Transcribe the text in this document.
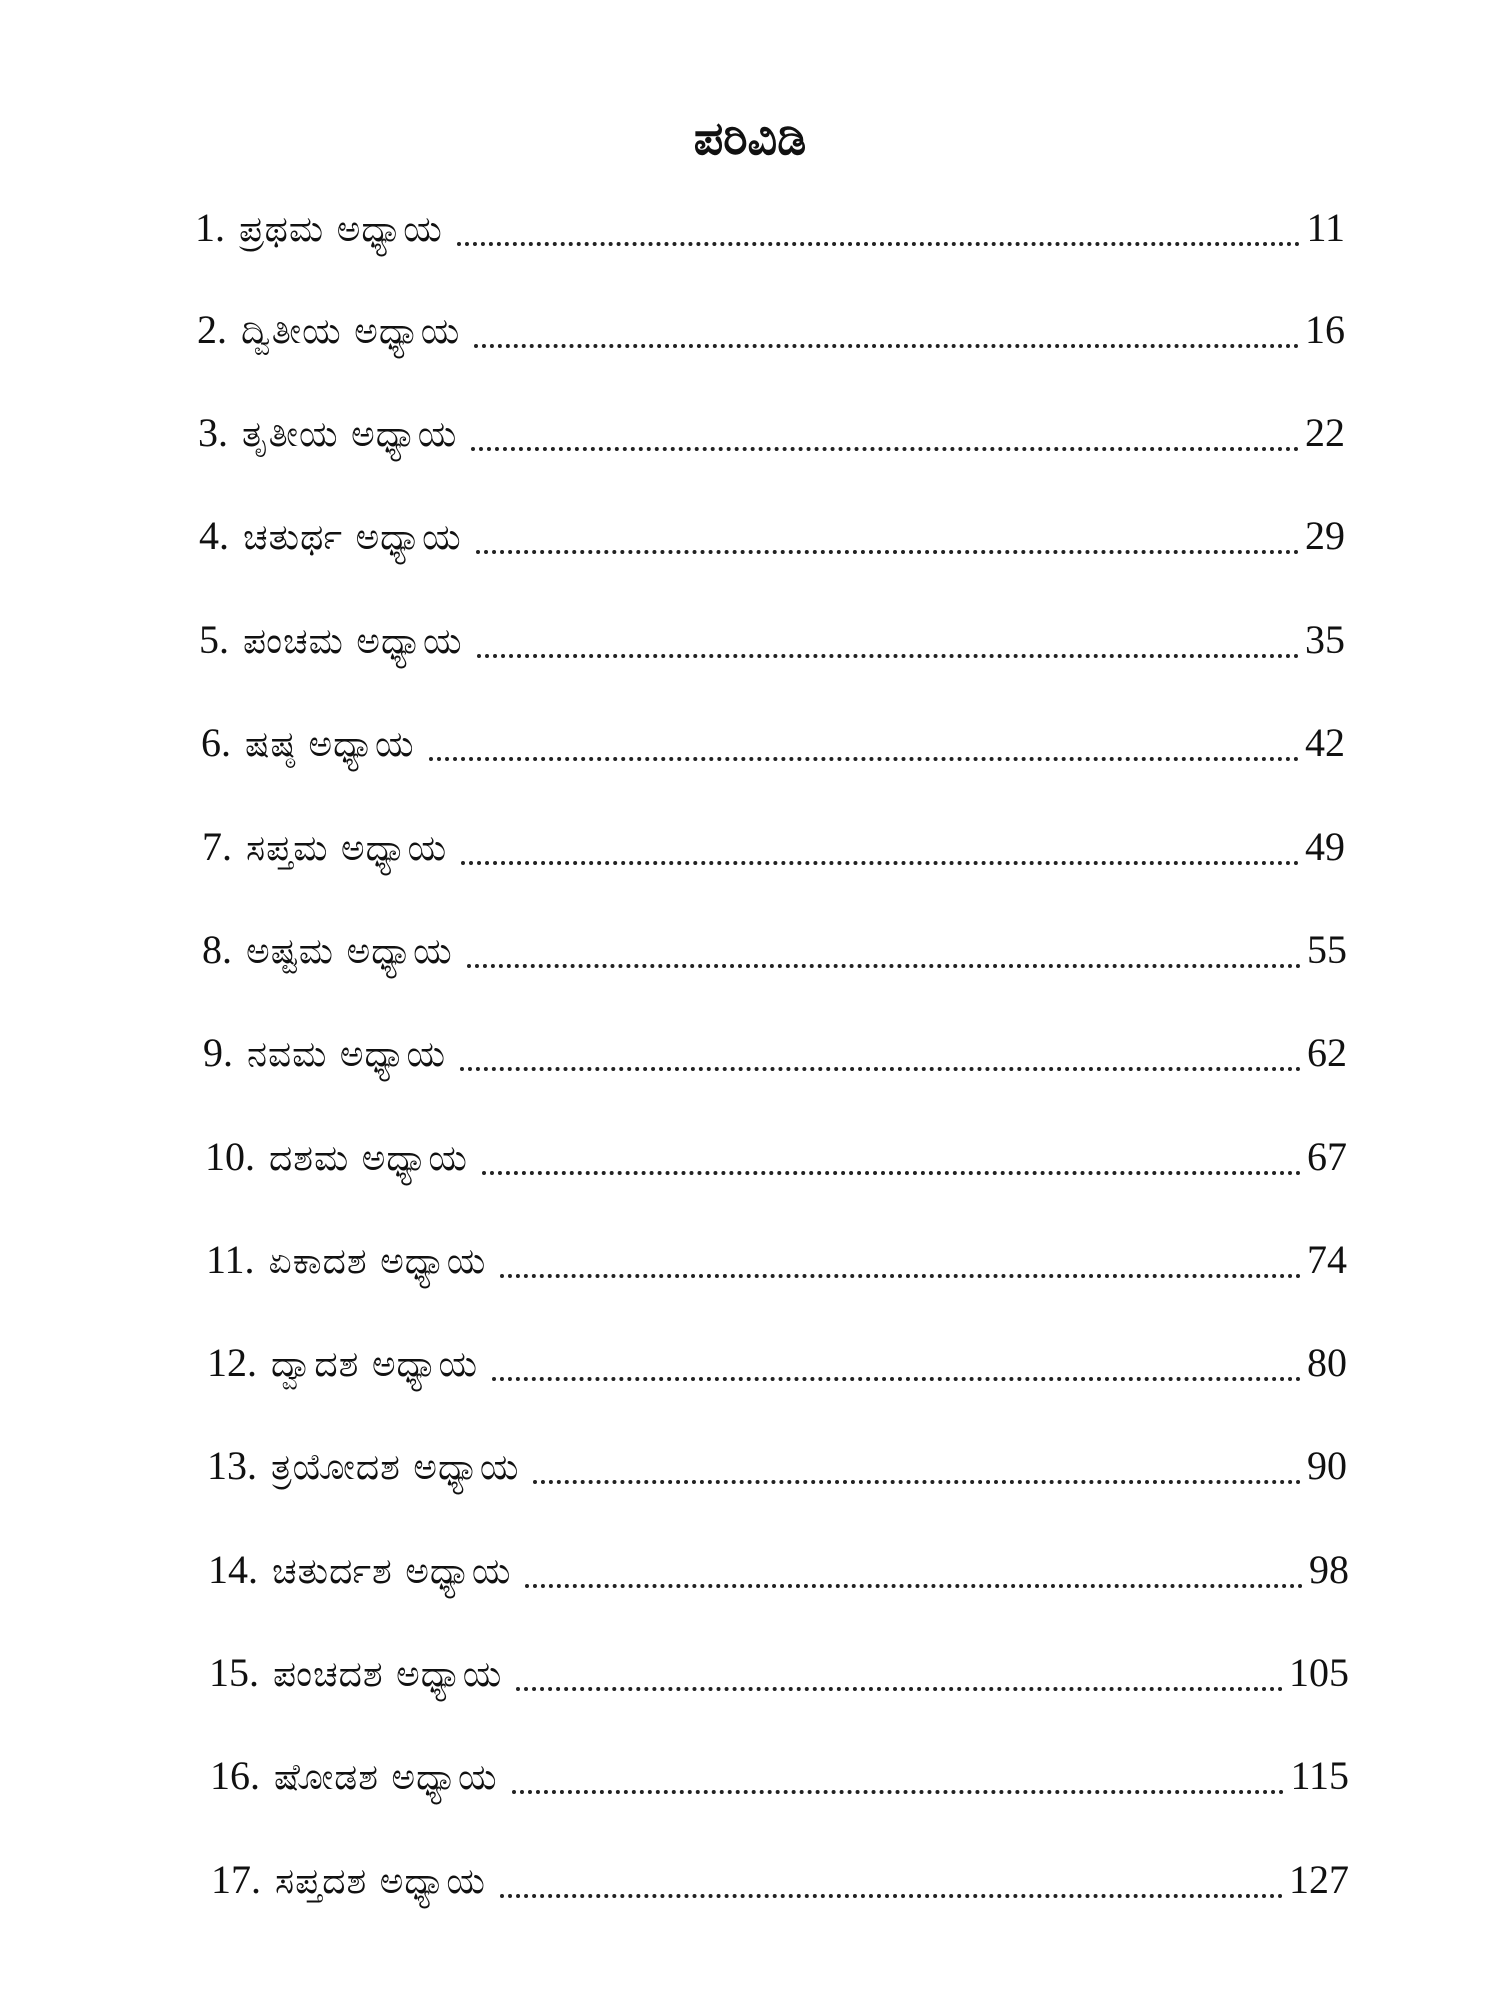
ಪರಿವಿಡಿ
1. ಪ್ರಥಮ ಅಧ್ಯಾಯ	11
2. ದ್ವಿತೀಯ ಅಧ್ಯಾಯ	16
3. ತೃತೀಯ ಅಧ್ಯಾಯ	22
4. ಚತುರ್ಥ ಅಧ್ಯಾಯ	29
5. ಪಂಚಮ ಅಧ್ಯಾಯ	35
6. ಷಷ್ಠ ಅಧ್ಯಾಯ	42
7. ಸಪ್ತಮ ಅಧ್ಯಾಯ	49
8. ಅಷ್ಟಮ ಅಧ್ಯಾಯ	55
9. ನವಮ ಅಧ್ಯಾಯ	62
10. ದಶಮ ಅಧ್ಯಾಯ	67
11. ಏಕಾದಶ ಅಧ್ಯಾಯ	74
12. ದ್ವಾದಶ ಅಧ್ಯಾಯ	80
13. ತ್ರಯೋದಶ ಅಧ್ಯಾಯ	90
14. ಚತುರ್ದಶ ಅಧ್ಯಾಯ	98
15. ಪಂಚದಶ ಅಧ್ಯಾಯ	105
16. ಷೋಡಶ ಅಧ್ಯಾಯ	115
17. ಸಪ್ತದಶ ಅಧ್ಯಾಯ	127
